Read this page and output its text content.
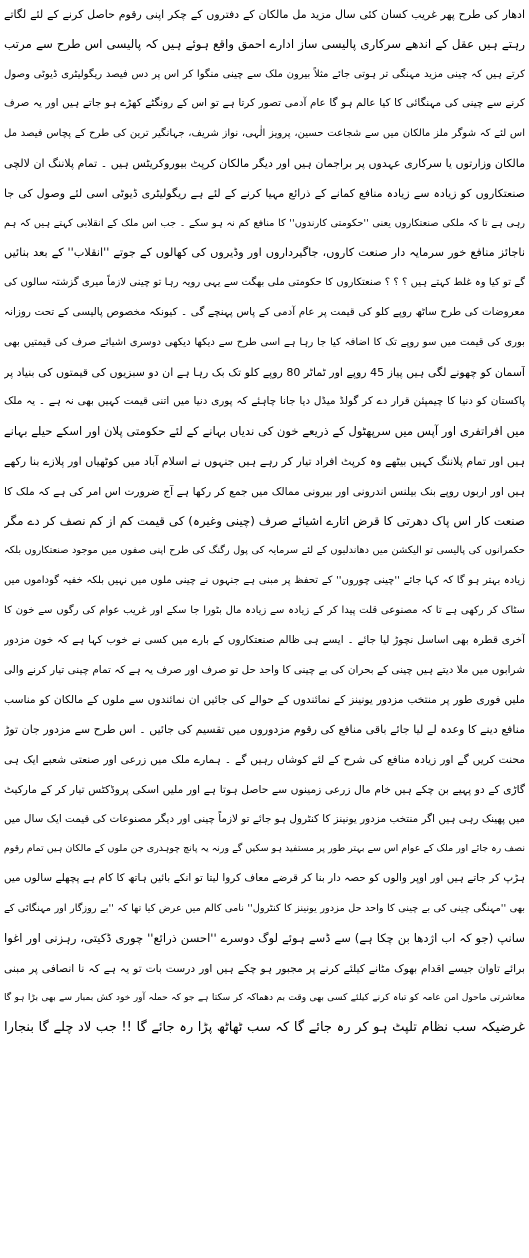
ادھار کی طرح پھر غریب کسان کئی سال مزید مل مالکان کے دفتروں کے چکر اپنی رقوم حاصل کرنے کے لئے لگاتے
رہتے ہیں عقل کے اندھے سرکاری پالیسی ساز ادارے احمق واقع ہوئے ہیں کہ پالیسی اس طرح سے مرتب
کرتے ہیں کہ چینی مزید مہنگی تر ہوتی جائے مثلاً بیرون ملک سے چینی منگوا کر اس پر دس فیصد ریگولیٹری ڈیوٹی وصول
کرنے سے چینی کی مہنگائی کا کیا عالم ہو گا عام آدمی تصور کرتا ہے تو اس کے رونگٹے کھڑے ہو جاتے ہیں اور یہ صرف
اس لئے کہ شوگر ملز مالکان میں سے شجاعت حسین، پرویز الٰہی، نواز شریف، جہانگیر ترین کی طرح کے پچاس فیصد مل
مالکان وزارتوں یا سرکاری عہدوں پر براجمان ہیں اور دیگر مالکان کرپٹ بیوروکریٹس ہیں ۔ تمام پلاننگ ان لالچی
صنعتکاروں کو زیادہ سے زیادہ منافع کمانے کے ذرائع مہیا کرنے کے لئے ہے ریگولیٹری ڈیوٹی اسی لئے وصول کی جا
رہی ہے تا کہ ملکی صنعتکاروں یعنی ''حکومتی کارندوں'' کا منافع کم نہ ہو سکے ۔ جب اس ملک کے انقلابی کہتے ہیں کہ ہم
ناجائز منافع خور سرمایہ دار صنعت کاروں، جاگیرداروں اور وڈیروں کی کھالوں کے جوتے ''انقلاب'' کے بعد بنائیں
گے تو کیا وہ غلط کہتے ہیں ؟ ؟ ؟ صنعتکاروں کا حکومتی ملی بھگت سے یہی رویہ رہا تو چینی لازماً میری گزشتہ سالوں کی
معروضات کی طرح ساٹھ روپے کلو کی قیمت پر عام آدمی کے پاس پہنچے گی ۔ کیونکہ مخصوص پالیسی کے تحت روزانہ
بوری کی قیمت میں سو روپے تک کا اضافہ کیا جا رہا ہے اسی طرح سے دیکھا دیکھی دوسری اشیائے صرف کی قیمتیں بھی
آسمان کو چھونے لگی ہیں پیاز 45 روپے اور ٹماٹر 80 روپے کلو تک بک رہا ہے ان دو سبزیوں کی قیمتوں کی بنیاد پر
پاکستان کو دنیا کا چیمپئن قرار دے کر گولڈ میڈل دیا جانا چاہئے کہ پوری دنیا میں اتنی قیمت کہیں بھی نہ ہے ۔ یہ ملک
میں افراتفری اور آپس میں سرپھٹول کے ذریعے خون کی ندیاں بہانے کے لئے حکومتی پلان اور اسکے حیلے بہانے
ہیں اور تمام پلاننگ کہیں بیٹھے وہ کرپٹ افراد تیار کر رہے ہیں جنہوں نے اسلام آباد میں کوٹھیاں اور پلازے بنا رکھے
ہیں اور اربوں روپے بنک بیلنس اندرونی اور بیرونی ممالک میں جمع کر رکھا ہے آج ضرورت اس امر کی ہے کہ ملک کا
صنعت کار اس پاک دھرتی کا قرض اتارے اشیائے صرف (چینی وغیرہ) کی قیمت کم از کم نصف کر دے مگر
حکمرانوں کی پالیسی تو الیکشن میں دھاندلیوں کے لئے سرمایہ کی پول رگنگ کی طرح اپنی صفوں میں موجود صنعتکاروں بلکہ
زیادہ بہتر ہو گا کہ کہا جائے ''چینی چوروں'' کے تحفظ پر مبنی ہے جنہوں نے چینی ملوں میں نہیں بلکہ خفیہ گوداموں میں
سٹاک کر رکھی ہے تا کہ مصنوعی قلت پیدا کر کے زیادہ سے زیادہ مال بٹورا جا سکے اور غریب عوام کی رگوں سے خون کا
آخری قطرہ بھی اساسل نچوڑ لیا جائے ۔ ایسے ہی ظالم صنعتکاروں کے بارے میں کسی نے خوب کہا ہے کہ خون مزدور
شرابوں میں ملا دیتے ہیں چینی کے بحران کی بے چینی کا واحد حل تو صرف اور صرف یہ ہے کہ تمام چینی تیار کرنے والی
ملیں فوری طور پر منتخب مزدور یونینز کے نمائندوں کے حوالے کی جائیں ان نمائندوں سے ملوں کے مالکان کو مناسب
منافع دینے کا وعدہ لے لیا جائے باقی منافع کی رقوم مزدوروں میں تقسیم کی جائیں ۔ اس طرح سے مزدور جان توڑ
محنت کریں گے اور زیادہ منافع کی شرح کے لئے کوشاں رہیں گے ۔ ہمارے ملک میں زرعی اور صنعتی شعبے ایک ہی
گاڑی کے دو پہیے بن چکے ہیں خام مال زرعی زمینوں سے حاصل ہوتا ہے اور ملیں اسکی پروڈکٹس تیار کر کے مارکیٹ
میں پھینک رہی ہیں اگر منتخب مزدور یونینز کا کنٹرول ہو جائے تو لازماً چینی اور دیگر مصنوعات کی قیمت ایک سال میں
نصف رہ جائے اور ملک کے عوام اس سے بہتر طور پر مستفید ہو سکیں گے ورنہ یہ پانچ چوہدری جن ملوں کے مالکان ہیں تمام رقوم
ہڑپ کر جاتے ہیں اور اوپر والوں کو حصہ دار بنا کر قرضے معاف کروا لیتا تو انکے بائیں ہاتھ کا کام ہے پچھلے سالوں میں
بھی ''مہنگی چینی کی بے چینی کا واحد حل مزدور یونینز کا کنٹرول'' نامی کالم میں عرض کیا تھا کہ ''بے روزگار اور مہنگائی کے
سانپ (جو کہ اب اژدھا بن چکا ہے) سے ڈسے ہوئے لوگ دوسرے ''احسن ذرائع'' چوری ڈکیتی، رہزنی اور اغوا
برائے تاوان جیسے اقدام بھوک مٹانے کیلئے کرنے پر مجبور ہو چکے ہیں اور درست بات تو یہ ہے کہ نا انصافی پر مبنی
معاشرتی ماحول امن عامہ کو تباہ کرنے کیلئے کسی بھی وقت بم دھماکہ کر سکتا ہے جو کہ حملہ آور خود کش بمبار سے بھی بڑا ہو گا
غرضیکہ سب نظام تلپٹ ہو کر رہ جائے گا کہ سب ٹھاٹھ پڑا رہ جائے گا !! جب لاد چلے گا بنجارا
